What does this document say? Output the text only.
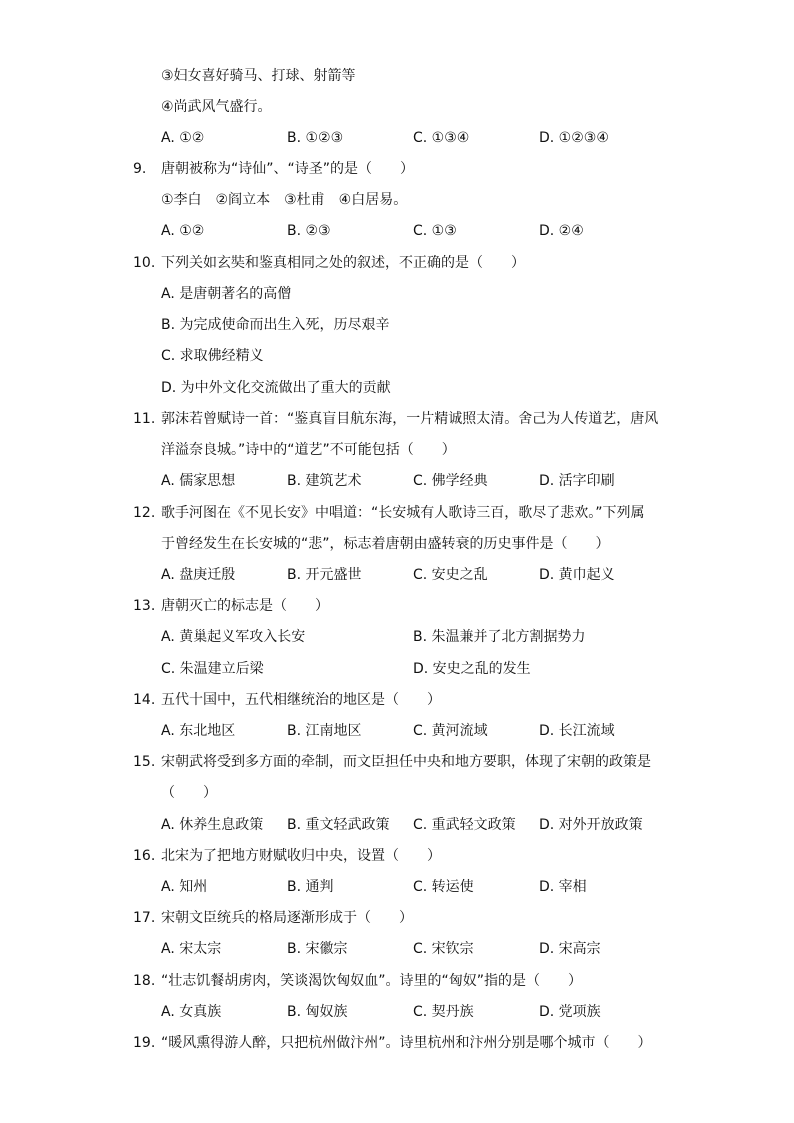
③妇女喜好骑马、打球、射箭等
④尚武风气盛行。
A. ①②	B. ①②③	C. ①③④	D. ①②③④
9. 唐朝被称为“诗仙”、“诗圣”的是（　　）
①李白　②阎立本　③杜甫　④白居易。
A. ①②	B. ②③	C. ①③	D. ②④
10. 下列关如玄奘和鉴真相同之处的叙述，不正确的是（　　）
A. 是唐朝著名的高僧
B. 为完成使命而出生入死，历尽艰辛
C. 求取佛经精义
D. 为中外文化交流做出了重大的贡献
11. 郭沫若曾赋诗一首：“鉴真盲目航东海，一片精诚照太清。舍己为人传道艺，唐风
洋溢奈良城。”诗中的“道艺”不可能包括（　　）
A. 儒家思想	B. 建筑艺术	C. 佛学经典	D. 活字印刷
12. 歌手河图在《不见长安》中唱道：“长安城有人歌诗三百，歌尽了悲欢。”下列属
于曾经发生在长安城的“悲”，标志着唐朝由盛转衰的历史事件是（　　）
A. 盘庚迁殷	B. 开元盛世	C. 安史之乱	D. 黄巾起义
13. 唐朝灭亡的标志是（　　）
A. 黄巢起义军攻入长安	B. 朱温兼并了北方割据势力
C. 朱温建立后梁	D. 安史之乱的发生
14. 五代十国中，五代相继统治的地区是（　　）
A. 东北地区	B. 江南地区	C. 黄河流域	D. 长江流域
15. 宋朝武将受到多方面的牵制，而文臣担任中央和地方要职，体现了宋朝的政策是
（　　）
A. 休养生息政策 B. 重文轻武政策 C. 重武轻文政策 D. 对外开放政策
16. 北宋为了把地方财赋收归中央，设置（　　）
A. 知州	B. 通判	C. 转运使	D. 宰相
17. 宋朝文臣统兵的格局逐渐形成于（　　）
A. 宋太宗	B. 宋徽宗	C. 宋钦宗	D. 宋高宗
18. “壮志饥餐胡虏肉，笑谈渴饮匈奴血”。诗里的“匈奴”指的是（　　）
A. 女真族	B. 匈奴族	C. 契丹族	D. 党项族
19. “暖风熏得游人醉，只把杭州做汴州”。诗里杭州和汴州分别是哪个城市（　　）
